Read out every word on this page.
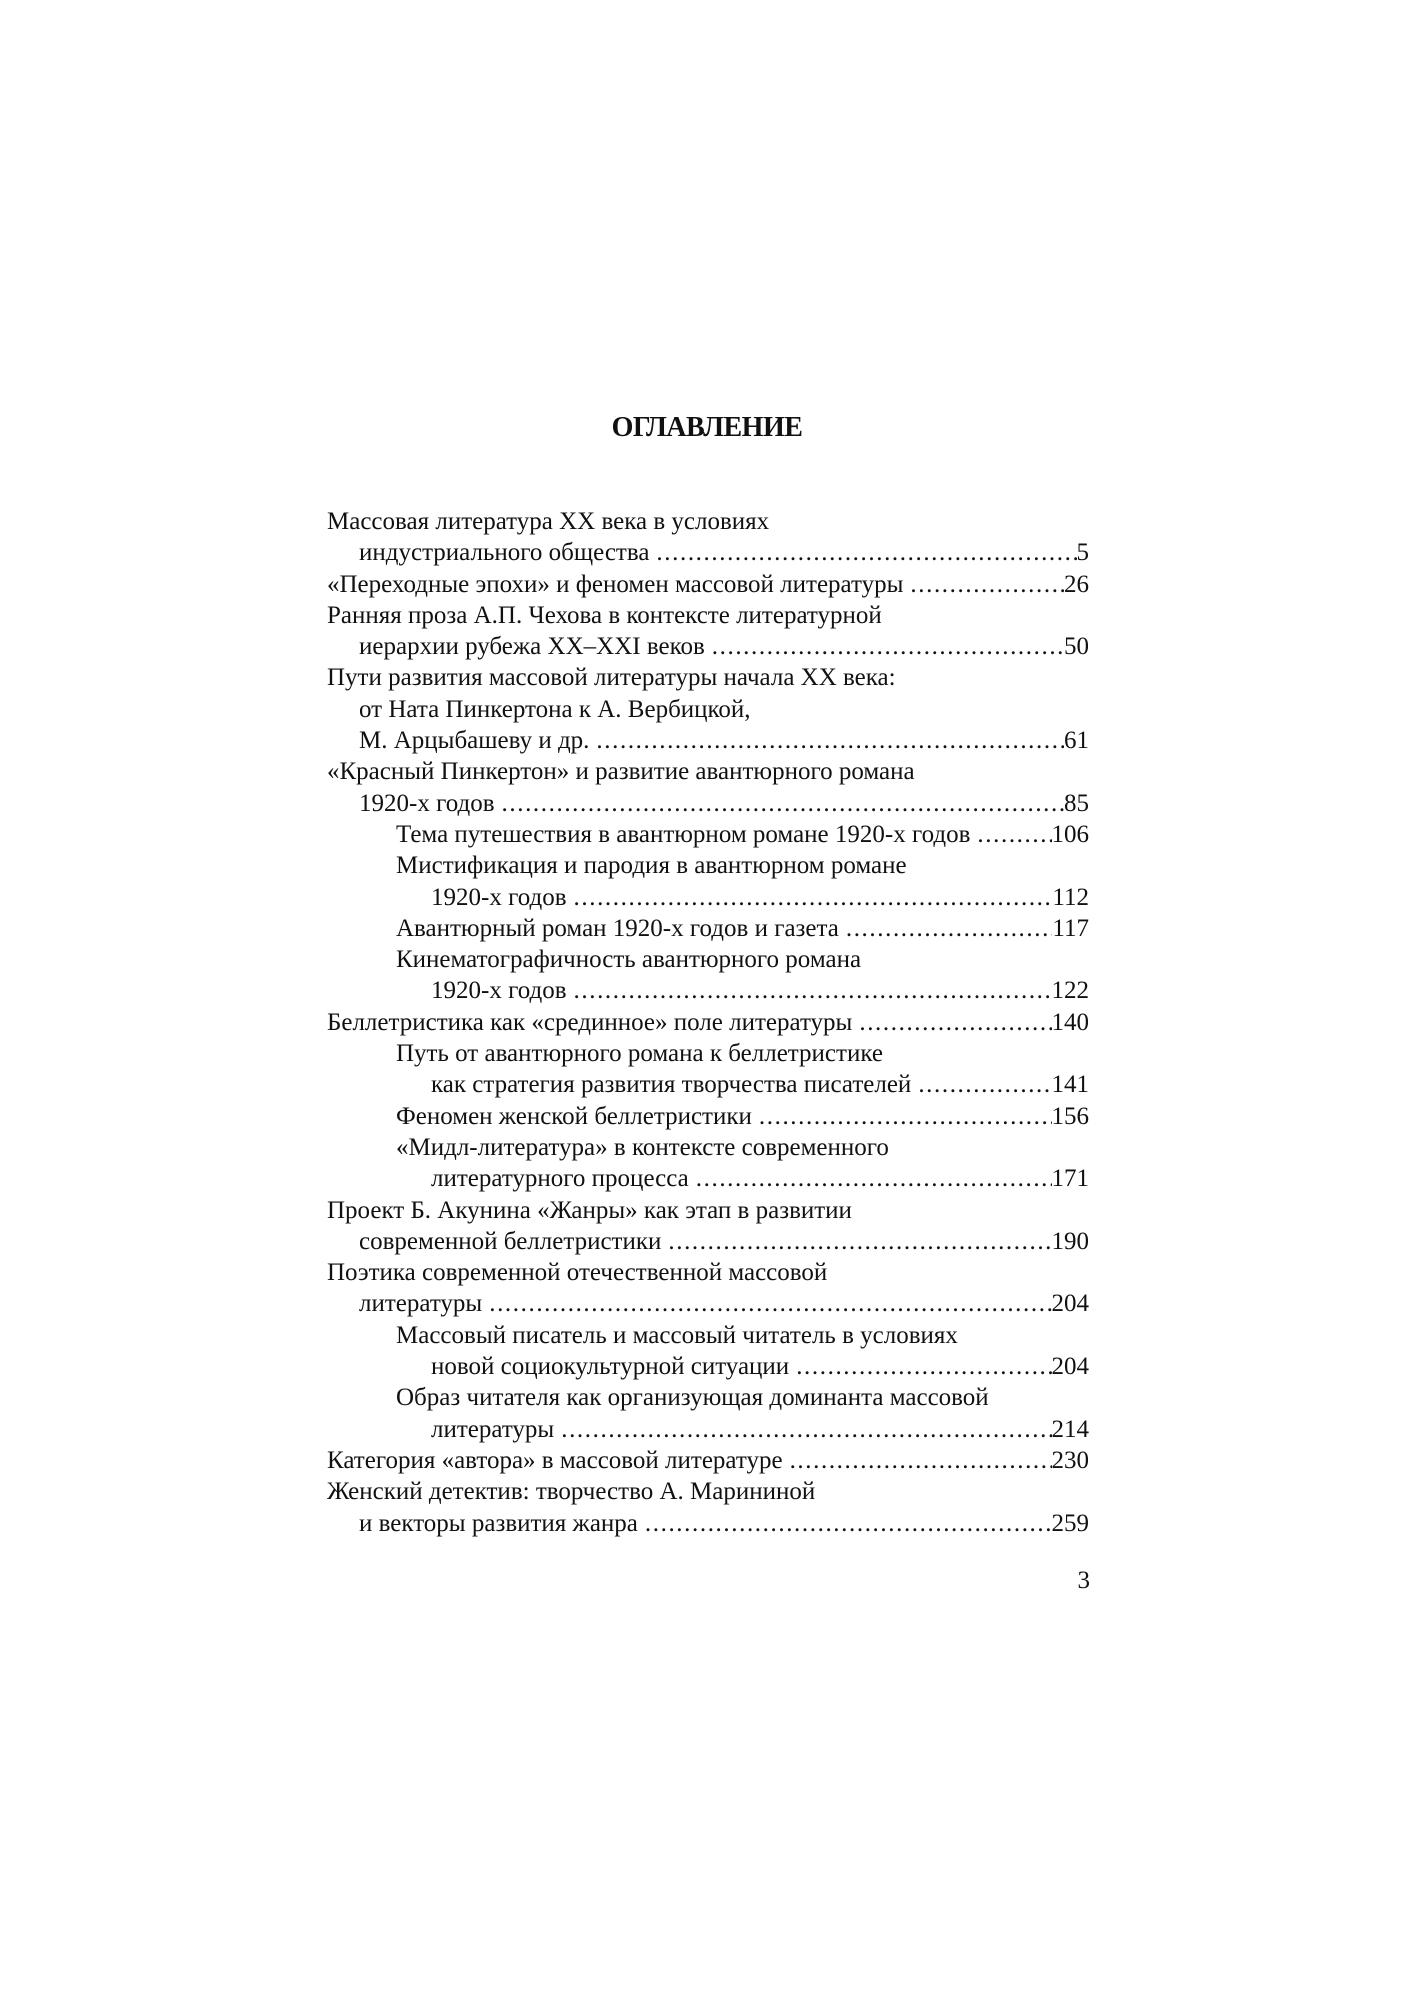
ОГЛАВЛЕНИЕ
Массовая литература XX века в условиях
индустриального общества .....	5
«Переходные эпохи» и феномен массовой литературы .....	26
Ранняя проза А.П. Чехова в контексте литературной
иерархии рубежа XX–XXI веков .....	50
Пути развития массовой литературы начала XX века:
от Ната Пинкертона к А. Вербицкой,
М. Арцыбашеву и др. .....	61
«Красный Пинкертон» и развитие авантюрного романа
1920-х годов .....	85
Тема путешествия в авантюрном романе 1920-х годов .....	106
Мистификация и пародия в авантюрном романе
1920-х годов .....	112
Авантюрный роман 1920-х годов и газета .....	117
Кинематографичность авантюрного романа
1920-х годов .....	122
Беллетристика как «срединное» поле литературы .....	140
Путь от авантюрного романа к беллетристике
как стратегия развития творчества писателей .....	141
Феномен женской беллетристики .....	156
«Мидл-литература» в контексте современного
литературного процесса .....	171
Проект Б. Акунина «Жанры» как этап в развитии
современной беллетристики .....	190
Поэтика современной отечественной массовой
литературы .....	204
Массовый писатель и массовый читатель в условиях
новой социокультурной ситуации .....	204
Образ читателя как организующая доминанта массовой
литературы .....	214
Категория «автора» в массовой литературе .....	230
Женский детектив: творчество А. Марининой
и векторы развития жанра .....	259
3
